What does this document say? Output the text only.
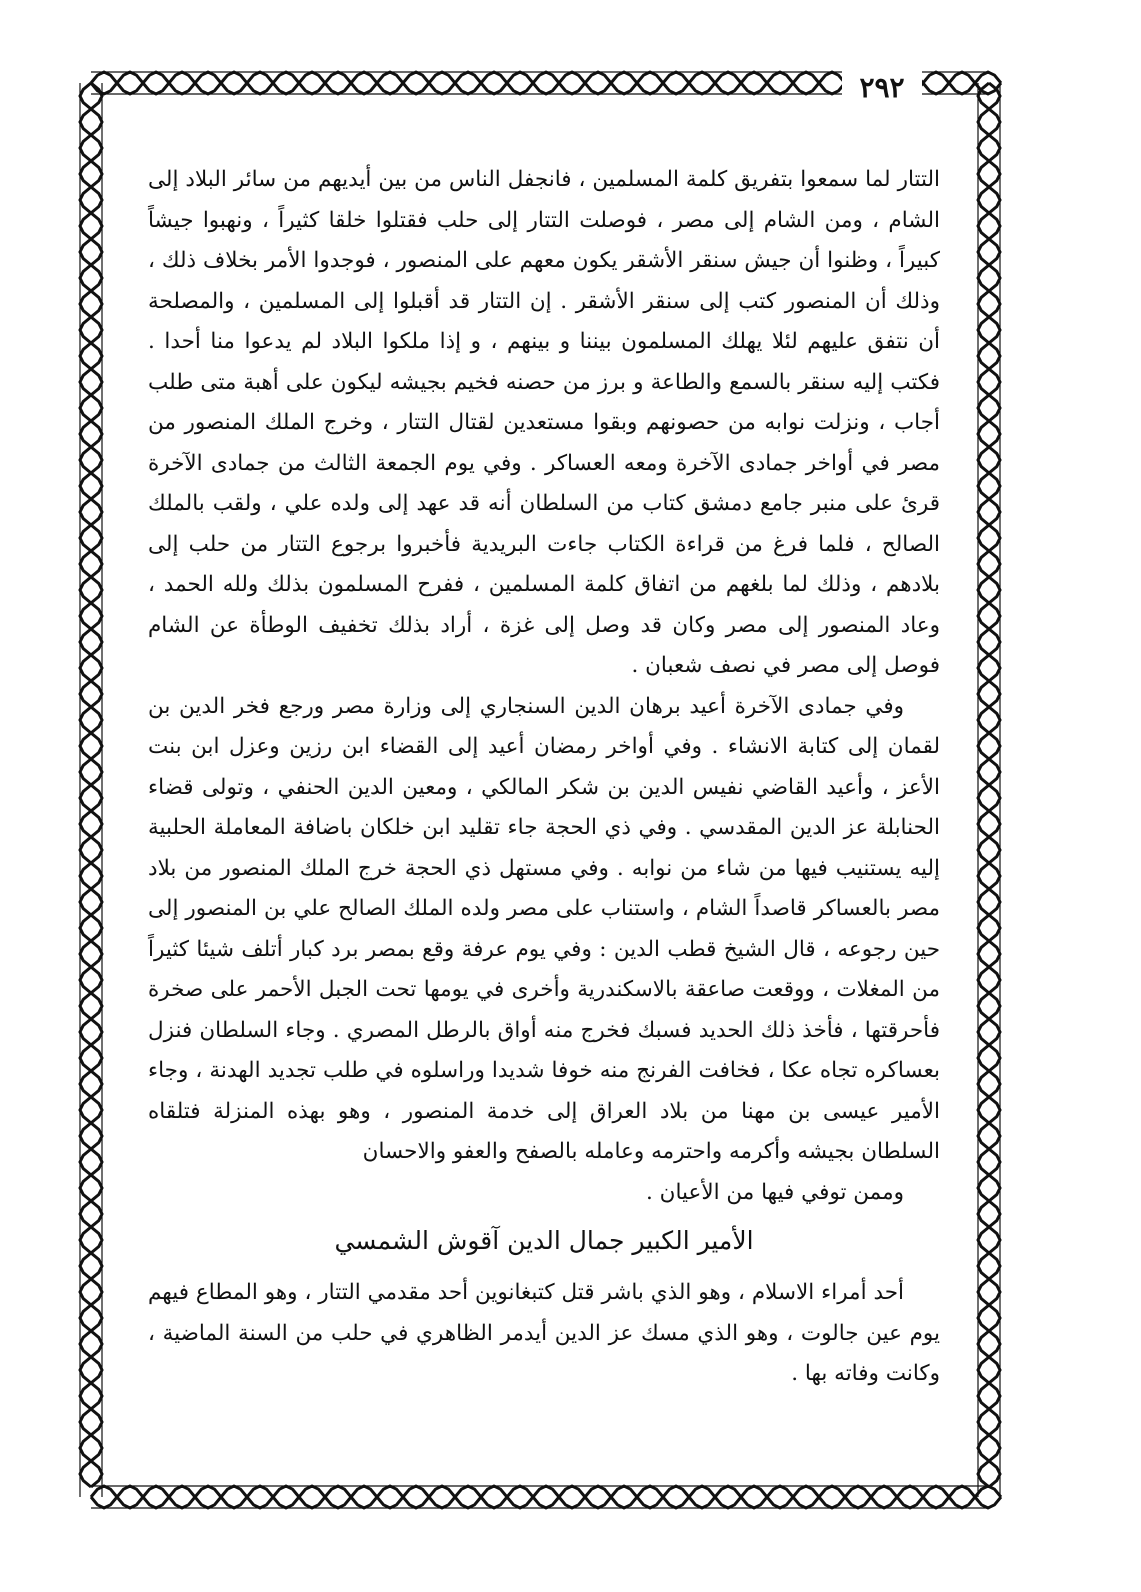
٢٩٢

التتار لما سمعوا بتفريق كلمة المسلمين ، فانجفل الناس من بين أيديهم من سائر البلاد إلى الشام ، ومن الشام إلى مصر ، فوصلت التتار إلى حلب فقتلوا خلقا كثيراً ، ونهبوا جيشاً كبيراً ، وظنوا أن جيش سنقر الأشقر يكون معهم على المنصور ، فوجدوا الأمر بخلاف ذلك ، وذلك أن المنصور كتب إلى سنقر الأشقر . إن التتار قد أقبلوا إلى المسلمين ، والمصلحة أن نتفق عليهم لئلا يهلك المسلمون بيننا و بينهم ، و إذا ملكوا البلاد لم يدعوا منا أحدا . فكتب إليه سنقر بالسمع والطاعة و برز من حصنه فخيم بجيشه ليكون على أهبة متى طلب أجاب ، ونزلت نوابه من حصونهم وبقوا مستعدين لقتال التتار ، وخرج الملك المنصور من مصر في أواخر جمادى الآخرة ومعه العساكر . وفي يوم الجمعة الثالث من جمادى الآخرة قرئ على منبر جامع دمشق كتاب من السلطان أنه قد عهد إلى ولده علي ، ولقب بالملك الصالح ، فلما فرغ من قراءة الكتاب جاءت البريدية فأخبروا برجوع التتار من حلب إلى بلادهم ، وذلك لما بلغهم من اتفاق كلمة المسلمين ، ففرح المسلمون بذلك ولله الحمد ، وعاد المنصور إلى مصر وكان قد وصل إلى غزة ، أراد بذلك تخفيف الوطأة عن الشام فوصل إلى مصر في نصف شعبان .

وفي جمادى الآخرة أعيد برهان الدين السنجاري إلى وزارة مصر ورجع فخر الدين بن لقمان إلى كتابة الانشاء . وفي أواخر رمضان أعيد إلى القضاء ابن رزين وعزل ابن بنت الأعز ، وأعيد القاضي نفيس الدين بن شكر المالكي ، ومعين الدين الحنفي ، وتولى قضاء الحنابلة عز الدين المقدسي . وفي ذي الحجة جاء تقليد ابن خلكان باضافة المعاملة الحلبية إليه يستنيب فيها من شاء من نوابه . وفي مستهل ذي الحجة خرج الملك المنصور من بلاد مصر بالعساكر قاصداً الشام ، واستناب على مصر ولده الملك الصالح علي بن المنصور إلى حين رجوعه ، قال الشيخ قطب الدين : وفي يوم عرفة وقع بمصر برد كبار أتلف شيئا كثيراً من المغلات ، ووقعت صاعقة بالاسكندرية وأخرى في يومها تحت الجبل الأحمر على صخرة فأحرقتها ، فأخذ ذلك الحديد فسبك فخرج منه أواق بالرطل المصري . وجاء السلطان فنزل بعساكره تجاه عكا ، فخافت الفرنج منه خوفا شديدا وراسلوه في طلب تجديد الهدنة ، وجاء الأمير عيسى بن مهنا من بلاد العراق إلى خدمة المنصور ، وهو بهذه المنزلة فتلقاه السلطان بجيشه وأكرمه واحترمه وعامله بالصفح والعفو والاحسان

وممن توفي فيها من الأعيان .

الأمير الكبير جمال الدين آقوش الشمسي

أحد أمراء الاسلام ، وهو الذي باشر قتل كتبغانوين أحد مقدمي التتار ، وهو المطاع فيهم يوم عين جالوت ، وهو الذي مسك عز الدين أيدمر الظاهري في حلب من السنة الماضية ، وكانت وفاته بها .
